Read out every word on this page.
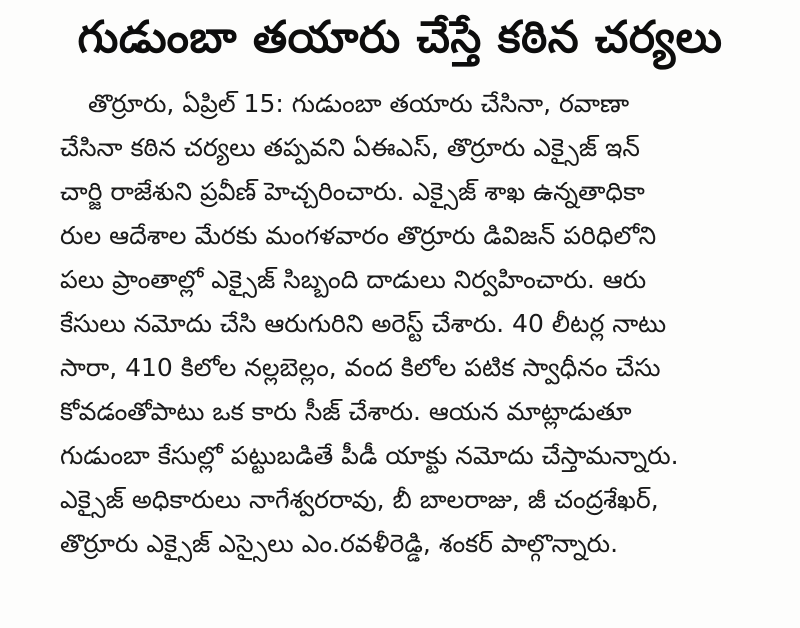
గుడుంబా తయారు చేస్తే కఠిన చర్యలు
తొర్రూరు, ఏప్రిల్ 15: గుడుంబా తయారు చేసినా, రవాణా
చేసినా కఠిన చర్యలు తప్పవని ఏఈఎస్, తొర్రూరు ఎక్సైజ్ ఇన్
చార్జి రాజేశుని ప్రవీణ్ హెచ్చరించారు. ఎక్సైజ్ శాఖ ఉన్నతాధికా
రుల ఆదేశాల మేరకు మంగళవారం తొర్రూరు డివిజన్ పరిధిలోని
పలు ప్రాంతాల్లో ఎక్సైజ్ సిబ్బంది దాడులు నిర్వహించారు. ఆరు
కేసులు నమోదు చేసి ఆరుగురిని అరెస్ట్ చేశారు. 40 లీటర్ల నాటు
సారా, 410 కిలోల నల్లబెల్లం, వంద కిలోల పటిక స్వాధీనం చేసు
కోవడంతోపాటు ఒక కారు సీజ్ చేశారు. ఆయన మాట్లాడుతూ
గుడుంబా కేసుల్లో పట్టుబడితే పీడీ యాక్టు నమోదు చేస్తామన్నారు.
ఎక్సైజ్ అధికారులు నాగేశ్వరరావు, బీ బాలరాజు, జీ చంద్రశేఖర్,
తొర్రూరు ఎక్సైజ్ ఎస్సైలు ఎం.రవళీరెడ్డి, శంకర్ పాల్గొన్నారు.
